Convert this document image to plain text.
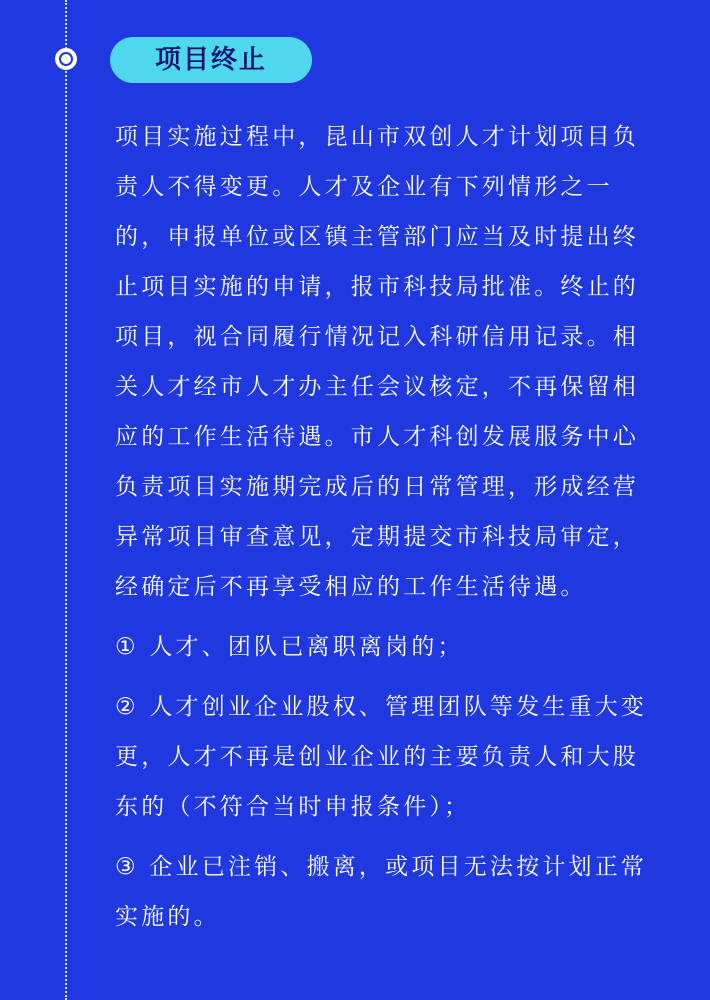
项目终止

项目实施过程中，昆山市双创人才计划项目负责人不得变更。人才及企业有下列情形之一的，申报单位或区镇主管部门应当及时提出终止项目实施的申请，报市科技局批准。终止的项目，视合同履行情况记入科研信用记录。相关人才经市人才办主任会议核定，不再保留相应的工作生活待遇。市人才科创发展服务中心负责项目实施期完成后的日常管理，形成经营异常项目审查意见，定期提交市科技局审定，经确定后不再享受相应的工作生活待遇。

① 人才、团队已离职离岗的；

② 人才创业企业股权、管理团队等发生重大变更，人才不再是创业企业的主要负责人和大股东的（不符合当时申报条件）；

③ 企业已注销、搬离，或项目无法按计划正常实施的。
